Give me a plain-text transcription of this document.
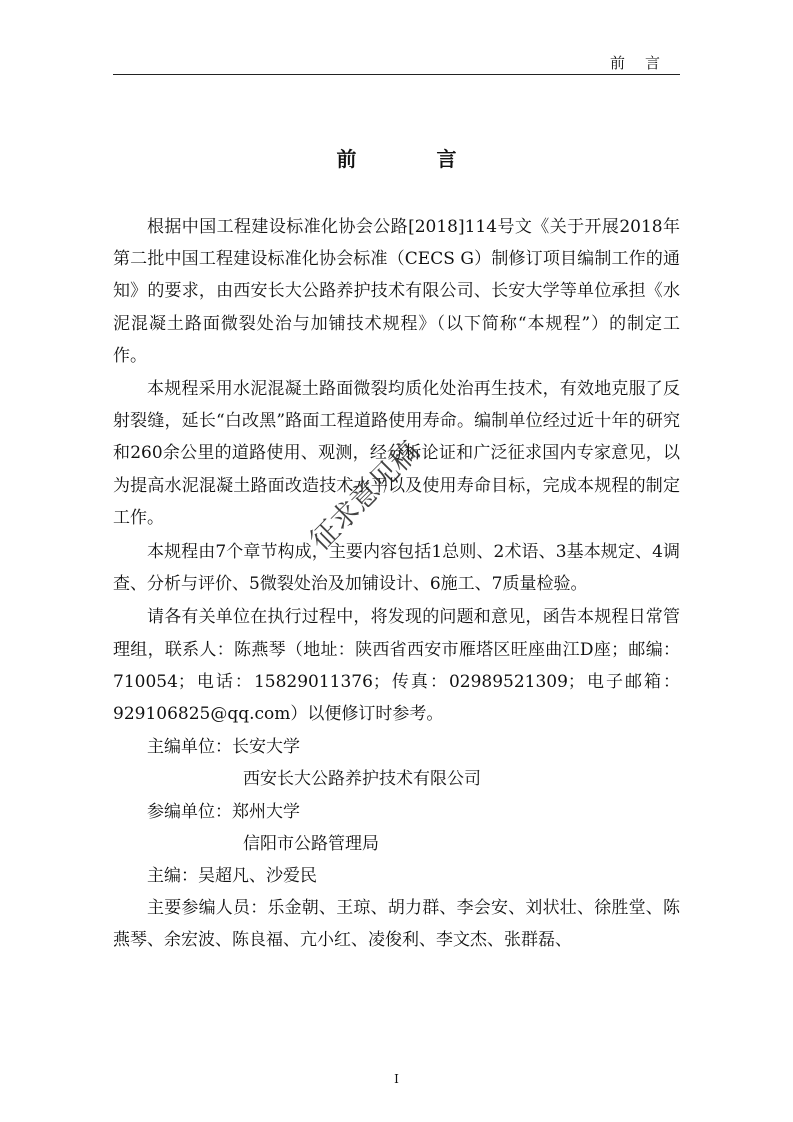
前言
前　言

根据中国工程建设标准化协会公路[2018]114号文《关于开展2018年第二批中国工程建设标准化协会标准（CECS G）制修订项目编制工作的通知》的要求，由西安长大公路养护技术有限公司、长安大学等单位承担《水泥混凝土路面微裂处治与加铺技术规程》（以下简称“本规程”）的制定工作。

本规程采用水泥混凝土路面微裂均质化处治再生技术，有效地克服了反射裂缝，延长“白改黑”路面工程道路使用寿命。编制单位经过近十年的研究和260余公里的道路使用、观测，经分析论证和广泛征求国内专家意见，以为提高水泥混凝土路面改造技术水平以及使用寿命目标，完成本规程的制定工作。

本规程由7个章节构成，主要内容包括1总则、2术语、3基本规定、4调查、分析与评价、5微裂处治及加铺设计、6施工、7质量检验。

请各有关单位在执行过程中，将发现的问题和意见，函告本规程日常管理组，联系人：陈燕琴（地址：陕西省西安市雁塔区旺座曲江D座；邮编：710054；电话：15829011376；传真：02989521309；电子邮箱：929106825@qq.com）以便修订时参考。

主编单位：长安大学

西安长大公路养护技术有限公司

参编单位：郑州大学

信阳市公路管理局

主编：吴超凡、沙爱民

主要参编人员：乐金朝、王琼、胡力群、李会安、刘状壮、徐胜堂、陈燕琴、余宏波、陈良福、亢小红、凌俊利、李文杰、张群磊、

征求意见稿
I
